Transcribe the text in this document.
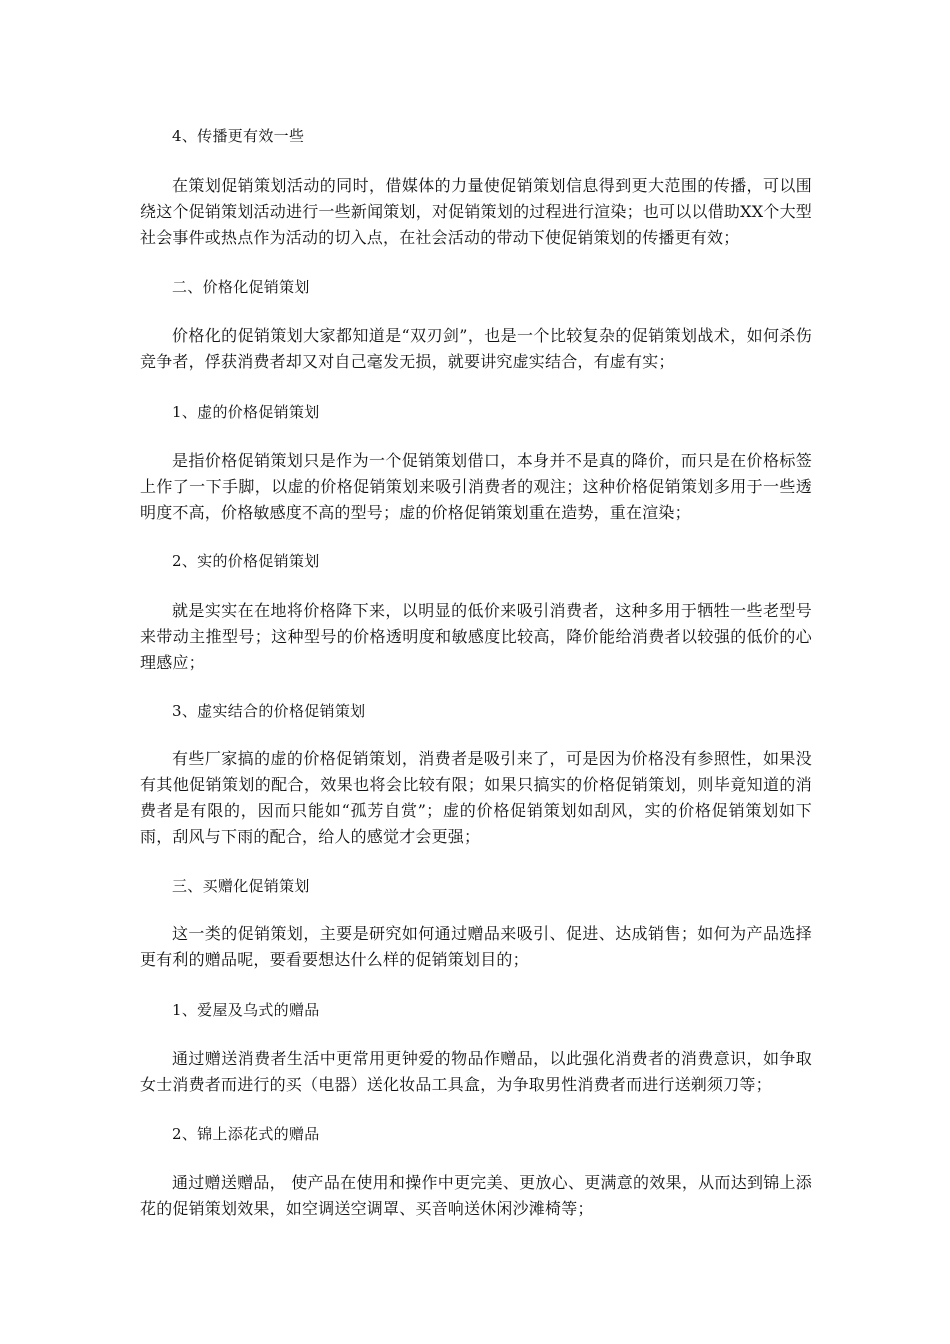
4、传播更有效一些

在策划促销策划活动的同时，借媒体的力量使促销策划信息得到更大范围的传播，可以围绕这个促销策划活动进行一些新闻策划，对促销策划的过程进行渲染；也可以以借助XX个大型社会事件或热点作为活动的切入点，在社会活动的带动下使促销策划的传播更有效；

二、价格化促销策划

价格化的促销策划大家都知道是“双刃剑”，也是一个比较复杂的促销策划战术，如何杀伤竞争者，俘获消费者却又对自己毫发无损，就要讲究虚实结合，有虚有实；

1、虚的价格促销策划

是指价格促销策划只是作为一个促销策划借口，本身并不是真的降价，而只是在价格标签上作了一下手脚，以虚的价格促销策划来吸引消费者的观注；这种价格促销策划多用于一些透明度不高，价格敏感度不高的型号；虚的价格促销策划重在造势，重在渲染；

2、实的价格促销策划

就是实实在在地将价格降下来，以明显的低价来吸引消费者，这种多用于牺牲一些老型号来带动主推型号；这种型号的价格透明度和敏感度比较高，降价能给消费者以较强的低价的心理感应；

3、虚实结合的价格促销策划

有些厂家搞的虚的价格促销策划，消费者是吸引来了，可是因为价格没有参照性，如果没有其他促销策划的配合，效果也将会比较有限；如果只搞实的价格促销策划，则毕竟知道的消费者是有限的，因而只能如“孤芳自赏”；虚的价格促销策划如刮风，实的价格促销策划如下雨，刮风与下雨的配合，给人的感觉才会更强；

三、买赠化促销策划

这一类的促销策划，主要是研究如何通过赠品来吸引、促进、达成销售；如何为产品选择更有利的赠品呢，要看要想达什么样的促销策划目的；

1、爱屋及乌式的赠品

通过赠送消费者生活中更常用更钟爱的物品作赠品，以此强化消费者的消费意识，如争取女士消费者而进行的买（电器）送化妆品工具盒，为争取男性消费者而进行送剃须刀等；

2、锦上添花式的赠品

通过赠送赠品， 使产品在使用和操作中更完美、更放心、更满意的效果，从而达到锦上添花的促销策划效果，如空调送空调罩、买音响送休闲沙滩椅等；
